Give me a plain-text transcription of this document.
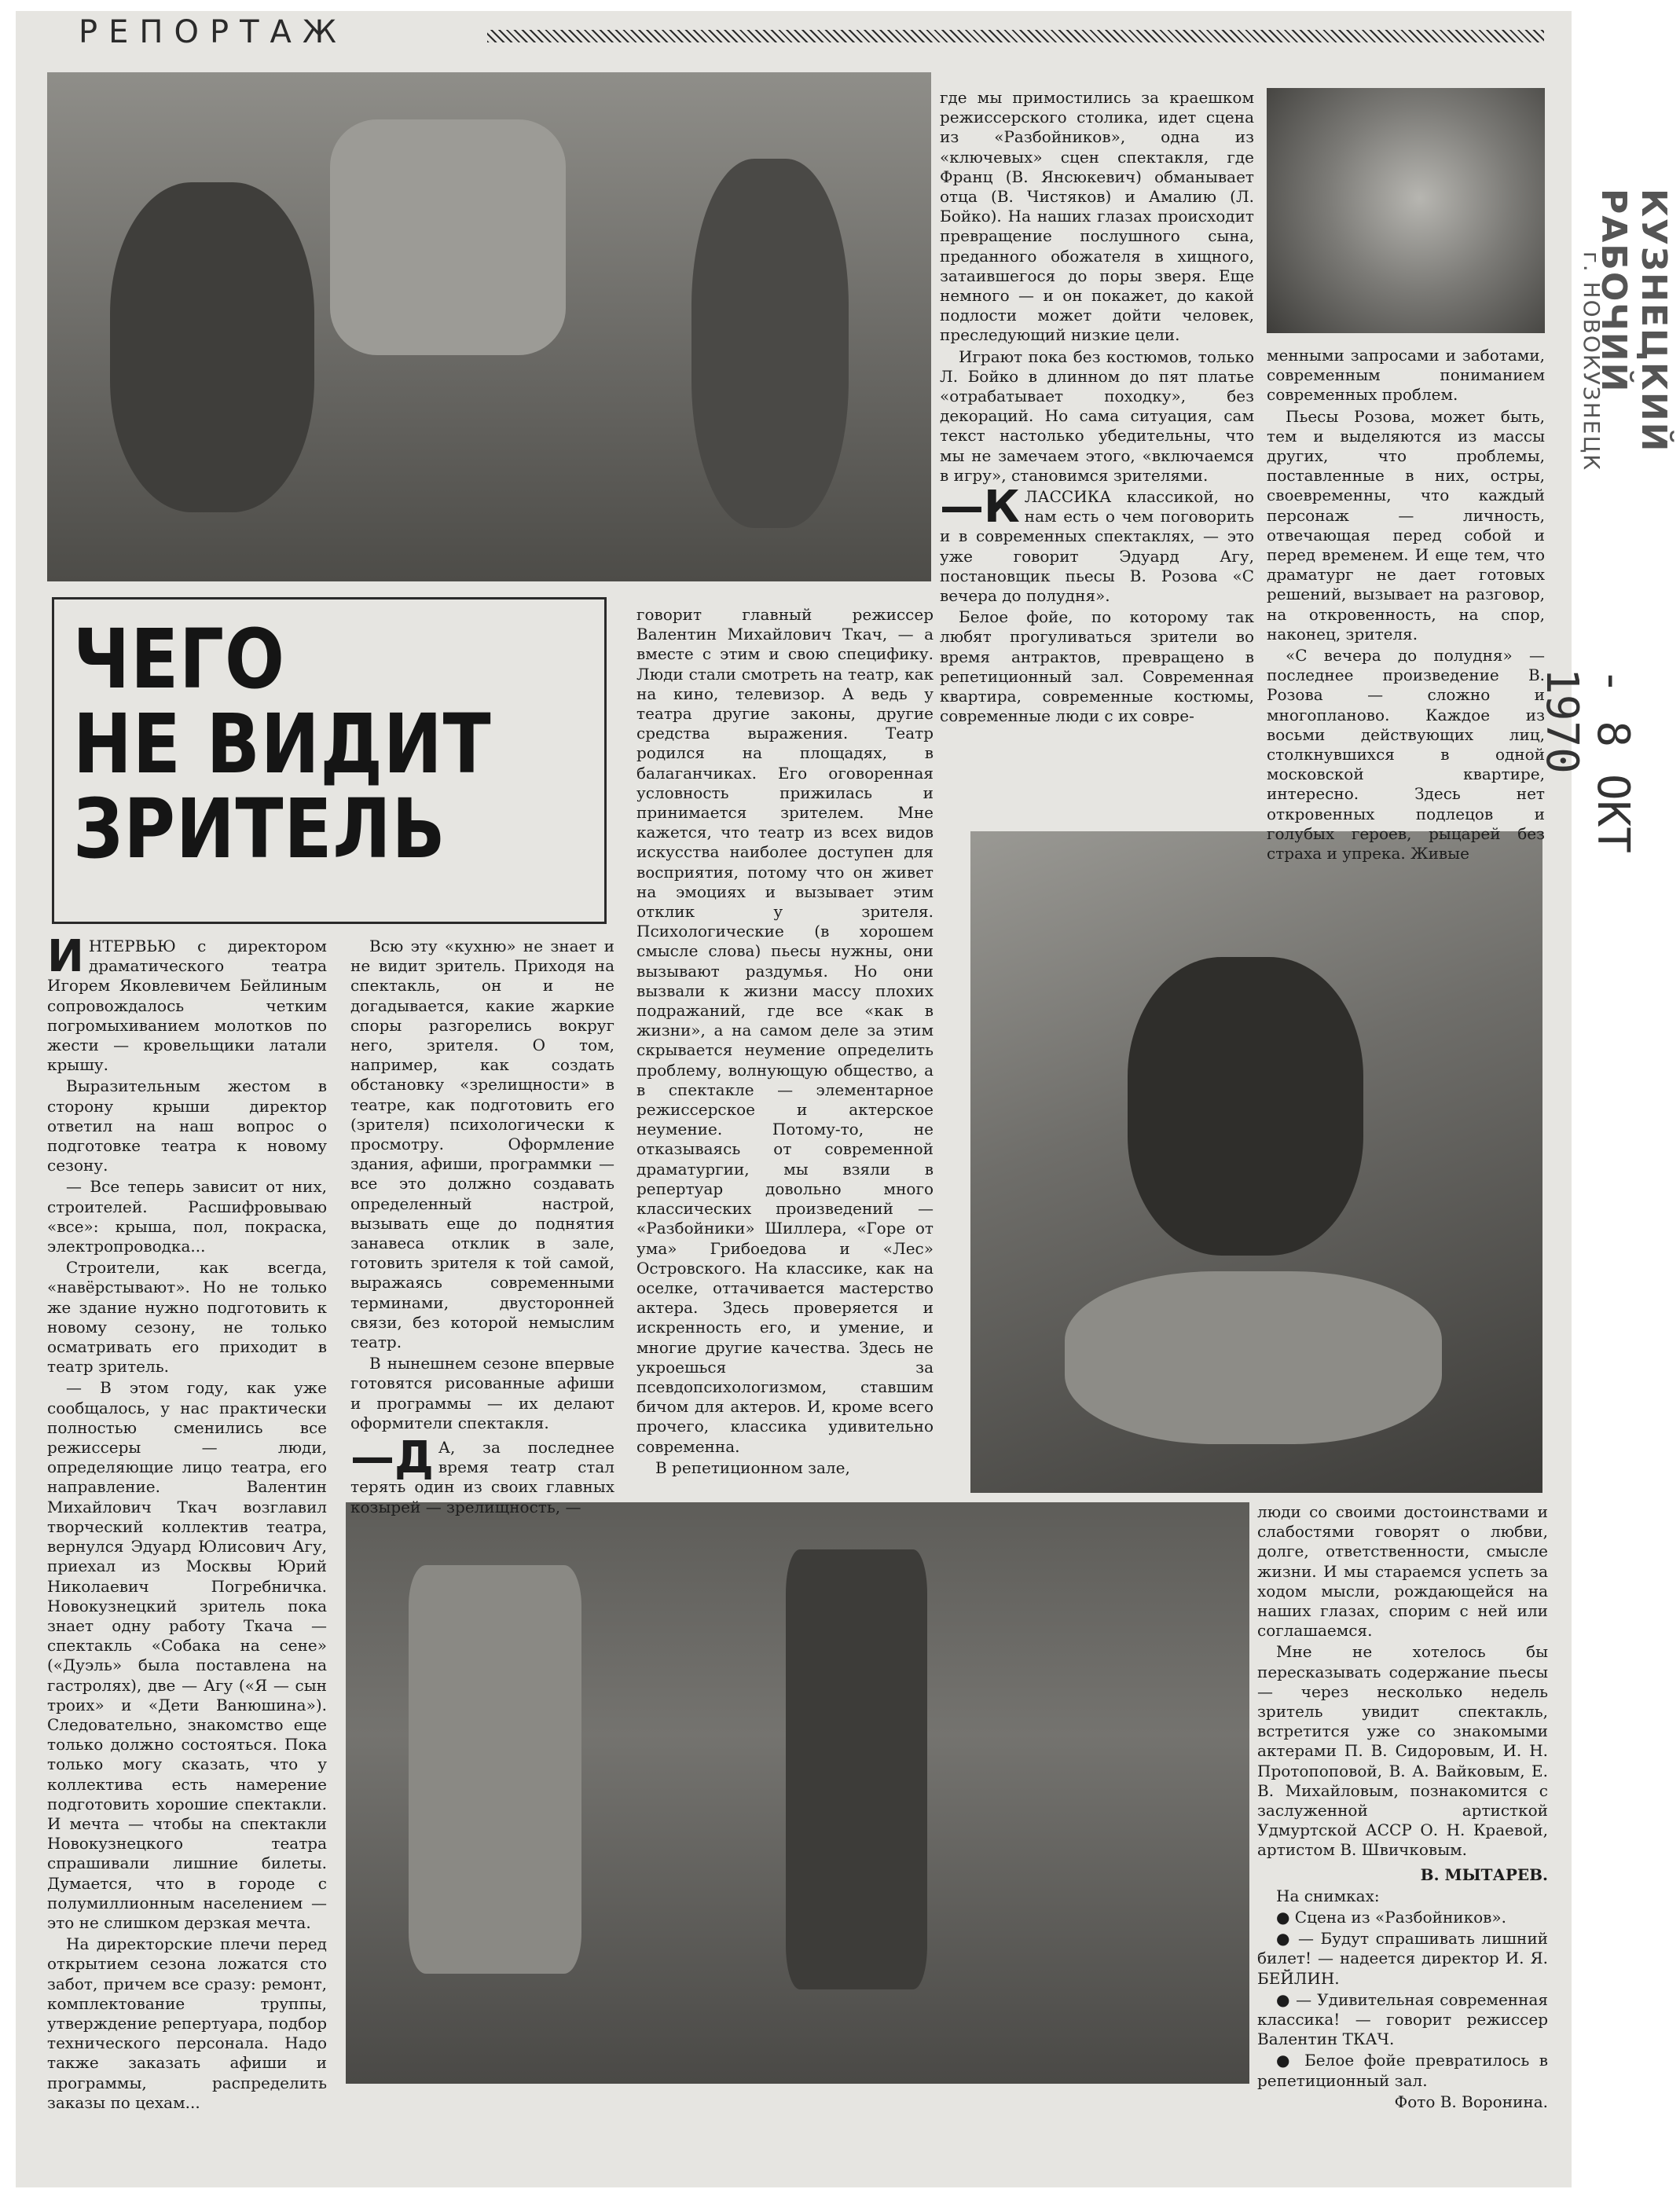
РЕПОРТАЖ
КУЗНЕЦКИЙ РАБОЧИЙ
г. НОВОКУЗНЕЦК
- 8 ОКТ 1970
ЧЕГО
НЕ ВИДИТ
ЗРИТЕЛЬ

где мы примостились за краешком режиссерского столика, идет сцена из «Разбойников», одна из «ключевых» сцен спектакля, где Франц (В. Янсюкевич) обманывает отца (В. Чистяков) и Амалию (Л. Бойко). На наших глазах происходит превращение послушного сына, преданного обожателя в хищного, затаившегося до поры зверя. Еще немного — и он покажет, до какой подлости может дойти человек, преследующий низкие цели.

Играют пока без костюмов, только Л. Бойко в длинном до пят платье «отрабатывает походку», без декораций. Но сама ситуация, сам текст настолько убедительны, что мы не замечаем этого, «включаемся в игру», становимся зрителями.

—К ЛАССИКА классикой, но нам есть о чем поговорить и в современных спектаклях, — это уже говорит Эдуард Агу, постановщик пьесы В. Розова «С вечера до полудня».

Белое фойе, по которому так любят прогуливаться зрители во время антрактов, превращено в репетиционный зал. Современная квартира, современные костюмы, современные люди с их совре-

менными запросами и заботами, современным пониманием современных проблем.

Пьесы Розова, может быть, тем и выделяются из массы других, что проблемы, поставленные в них, остры, своевременны, что каждый персонаж — личность, отвечающая перед собой и перед временем. И еще тем, что драматург не дает готовых решений, вызывает на разговор, на откровенность, на спор, наконец, зрителя.

«С вечера до полудня» — последнее произведение В. Розова — сложно и многопланово. Каждое из восьми действующих лиц, столкнувшихся в одной московской квартире, интересно. Здесь нет откровенных подлецов и голубых героев, рыцарей без страха и упрека. Живые

И НТЕРВЬЮ с директором драматического театра Игорем Яковлевичем Бейлиным сопровождалось четким погромыхиванием молотков по жести — кровельщики латали крышу.

Выразительным жестом в сторону крыши директор ответил на наш вопрос о подготовке театра к новому сезону.

— Все теперь зависит от них, строителей. Расшифровываю «все»: крыша, пол, покраска, электропроводка...

Строители, как всегда, «навёрстывают». Но не только же здание нужно подготовить к новому сезону, не только осматривать его приходит в театр зритель.

— В этом году, как уже сообщалось, у нас практически полностью сменились все режиссеры — люди, определяющие лицо театра, его направление. Валентин Михайлович Ткач возглавил творческий коллектив театра, вернулся Эдуард Юлисович Агу, приехал из Москвы Юрий Николаевич Погребничка. Новокузнецкий зритель пока знает одну работу Ткача — спектакль «Собака на сене» («Дуэль» была поставлена на гастролях), две — Агу («Я — сын троих» и «Дети Ванюшина»). Следовательно, знакомство еще только должно состояться. Пока только могу сказать, что у коллектива есть намерение подготовить хорошие спектакли. И мечта — чтобы на спектакли Новокузнецкого театра спрашивали лишние билеты. Думается, что в городе с полумиллионным населением — это не слишком дерзкая мечта.

На директорские плечи перед открытием сезона ложатся сто забот, причем все сразу: ремонт, комплектование труппы, утверждение репертуара, подбор технического персонала. Надо также заказать афиши и программы, распределить заказы по цехам...

Всю эту «кухню» не знает и не видит зритель. Приходя на спектакль, он и не догадывается, какие жаркие споры разгорелись вокруг него, зрителя. О том, например, как создать обстановку «зрелищности» в театре, как подготовить его (зрителя) психологически к просмотру. Оформление здания, афиши, программки — все это должно создавать определенный настрой, вызывать еще до поднятия занавеса отклик в зале, готовить зрителя к той самой, выражаясь современными терминами, двусторонней связи, без которой немыслим театр.

В нынешнем сезоне впервые готовятся рисованные афиши и программы — их делают оформители спектакля.

—Д А, за последнее время театр стал терять один из своих главных козырей — зрелищность, —

говорит главный режиссер Валентин Михайлович Ткач, — а вместе с этим и свою специфику. Люди стали смотреть на театр, как на кино, телевизор. А ведь у театра другие законы, другие средства выражения. Театр родился на площадях, в балаганчиках. Его оговоренная условность прижилась и принимается зрителем. Мне кажется, что театр из всех видов искусства наиболее доступен для восприятия, потому что он живет на эмоциях и вызывает этим отклик у зрителя. Психологические (в хорошем смысле слова) пьесы нужны, они вызывают раздумья. Но они вызвали к жизни массу плохих подражаний, где все «как в жизни», а на самом деле за этим скрывается неумение определить проблему, волнующую общество, а в спектакле — элементарное режиссерское и актерское неумение. Потому-то, не отказываясь от современной драматургии, мы взяли в репертуар довольно много классических произведений — «Разбойники» Шиллера, «Горе от ума» Грибоедова и «Лес» Островского. На классике, как на оселке, оттачивается мастерство актера. Здесь проверяется и искренность его, и умение, и многие другие качества. Здесь не укроешься за псевдопсихологизмом, ставшим бичом для актеров. И, кроме всего прочего, классика удивительно современна.

В репетиционном зале,

люди со своими достоинствами и слабостями говорят о любви, долге, ответственности, смысле жизни. И мы стараемся успеть за ходом мысли, рождающейся на наших глазах, спорим с ней или соглашаемся.

Мне не хотелось бы пересказывать содержание пьесы — через несколько недель зритель увидит спектакль, встретится уже со знакомыми актерами П. В. Сидоровым, И. Н. Протопоповой, В. А. Вайковым, Е. В. Михайловым, познакомится с заслуженной артисткой Удмуртской АССР О. Н. Краевой, артистом В. Швичковым.

В. МЫТАРЕВ.

На снимках:

● Сцена из «Разбойников».

● — Будут спрашивать лишний билет! — надеется директор И. Я. БЕЙЛИН.

● — Удивительная современная классика! — говорит режиссер Валентин ТКАЧ.

● Белое фойе превратилось в репетиционный зал.

Фото В. Воронина.
